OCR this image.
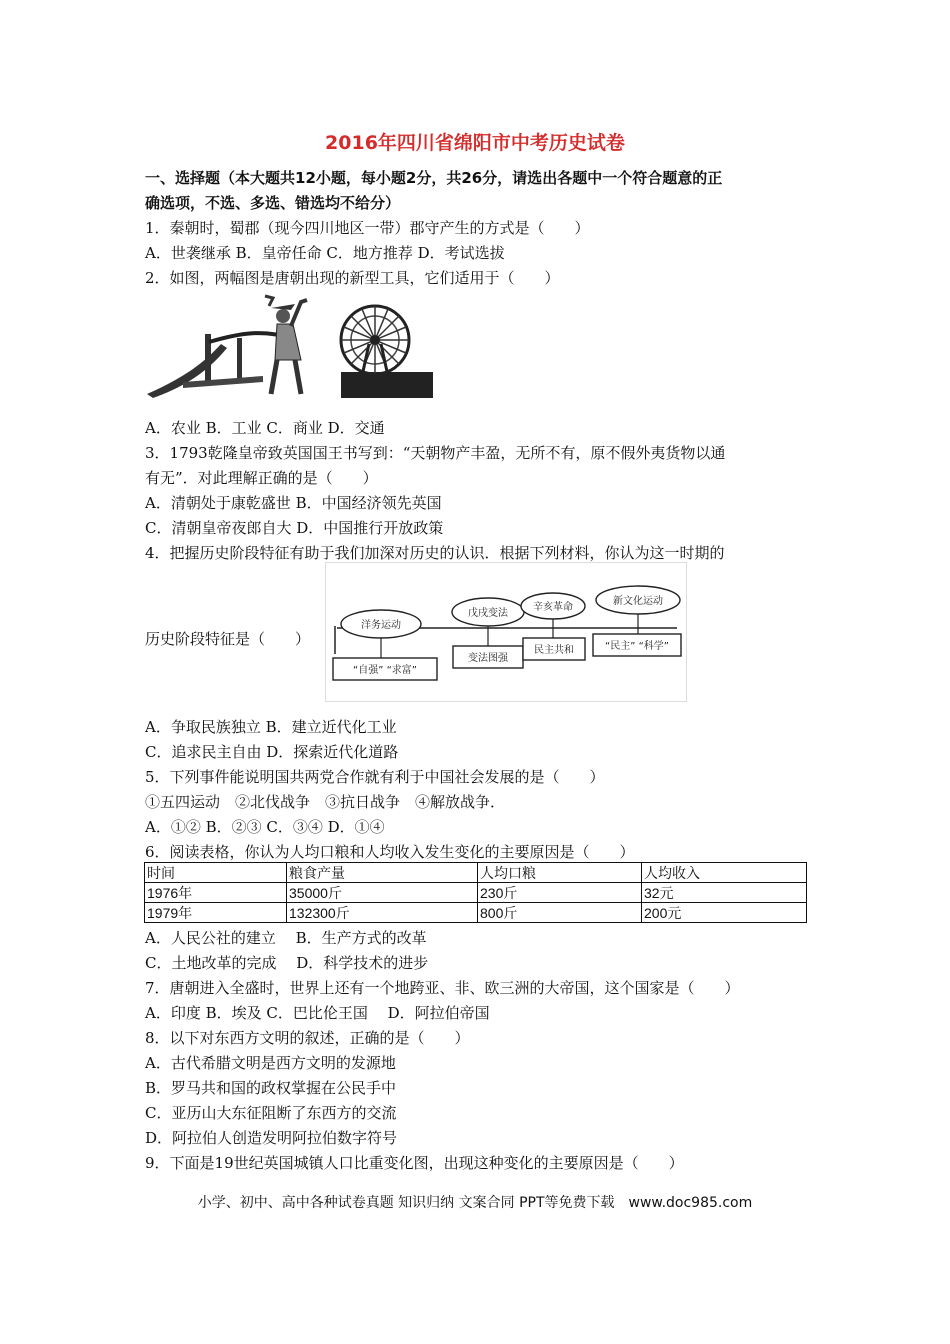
2016年四川省绵阳市中考历史试卷
一、选择题（本大题共12小题，每小题2分，共26分，请选出各题中一个符合题意的正
确选项，不选、多选、错选均不给分）
1．秦朝时，蜀郡（现今四川地区一带）郡守产生的方式是（　　）
A．世袭继承 B．皇帝任命 C．地方推荐 D．考试选拔
2．如图，两幅图是唐朝出现的新型工具，它们适用于（　　）
A．农业 B．工业 C．商业 D．交通
3．1793乾隆皇帝致英国国王书写到：“天朝物产丰盈，无所不有，原不假外夷货物以通
有无”．对此理解正确的是（　　）
A．清朝处于康乾盛世 B．中国经济领先英国
C．清朝皇帝夜郎自大 D．中国推行开放政策
4．把握历史阶段特征有助于我们加深对历史的认识．根据下列材料，你认为这一时期的
洋务运动
戊戌变法
辛亥革命
新文化运动
“自强” “求富”
变法图强
民主共和	“民主” “科学”
历史阶段特征是（　　）
A．争取民族独立 B．建立近代化工业
C．追求民主自由 D．探索近代化道路
5．下列事件能说明国共两党合作就有利于中国社会发展的是（　　）
①五四运动　②北伐战争　③抗日战争　④解放战争．
A．①② B．②③ C．③④ D．①④
6．阅读表格，你认为人均口粮和人均收入发生变化的主要原因是（　　）
时间	粮食产量	人均口粮	人均收入
1976年	35000斤	230斤	32元
1979年	132300斤	800斤	200元
A．人民公社的建立　 B．生产方式的改革
C．土地改革的完成　 D．科学技术的进步
7．唐朝进入全盛时，世界上还有一个地跨亚、非、欧三洲的大帝国，这个国家是（　　）
A．印度 B．埃及 C．巴比伦王国　 D．阿拉伯帝国
8．以下对东西方文明的叙述，正确的是（　　）
A．古代希腊文明是西方文明的发源地
B．罗马共和国的政权掌握在公民手中
C．亚历山大东征阻断了东西方的交流
D．阿拉伯人创造发明阿拉伯数字符号
9．下面是19世纪英国城镇人口比重变化图，出现这种变化的主要原因是（　　）
小学、初中、高中各种试卷真题 知识归纳 文案合同 PPT等免费下载　www.doc985.com
